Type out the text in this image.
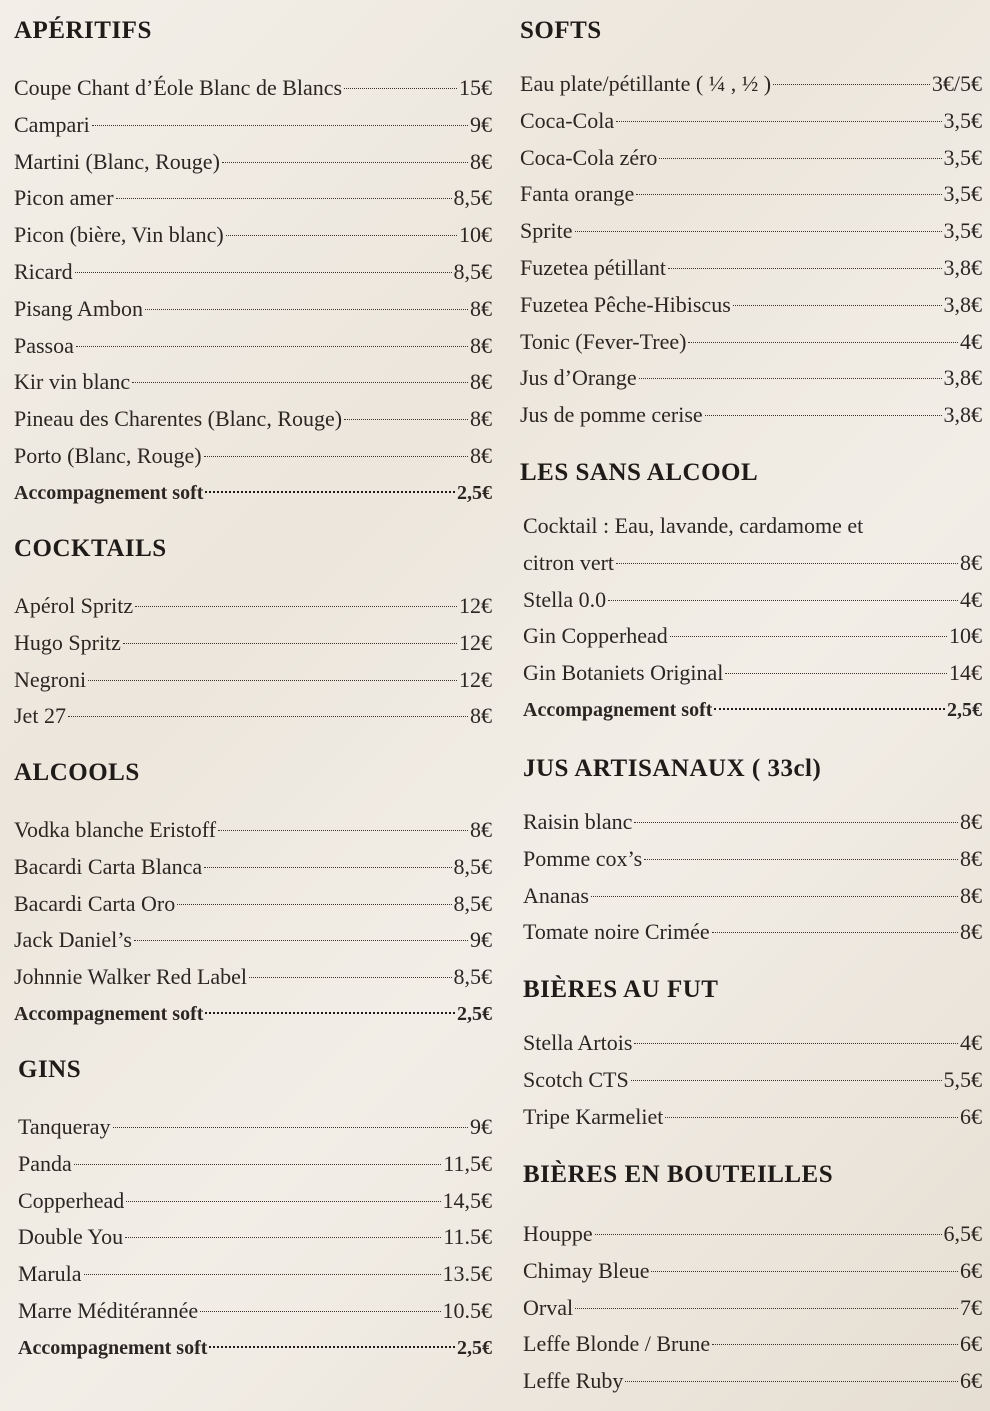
APÉRITIFS
Coupe Chant d’Éole Blanc de Blancs	15€
Campari	9€
Martini (Blanc, Rouge)	8€
Picon amer	8,5€
Picon (bière, Vin blanc)	10€
Ricard	8,5€
Pisang Ambon	8€
Passoa	8€
Kir vin blanc	8€
Pineau des Charentes (Blanc, Rouge)	8€
Porto (Blanc, Rouge)	8€
Accompagnement soft	2,5€
COCKTAILS
Apérol Spritz	12€
Hugo Spritz	12€
Negroni	12€
Jet 27	8€
ALCOOLS
Vodka blanche Eristoff	8€
Bacardi Carta Blanca	8,5€
Bacardi Carta Oro	8,5€
Jack Daniel’s	9€
Johnnie Walker Red Label	8,5€
Accompagnement soft	2,5€
GINS
Tanqueray	9€
Panda	11,5€
Copperhead	14,5€
Double You	11.5€
Marula	13.5€
Marre Méditérannée	10.5€
Accompagnement soft	2,5€
SOFTS
Eau plate/pétillante ( ¼ , ½ )	3€/5€
Coca-Cola	3,5€
Coca-Cola zéro	3,5€
Fanta orange	3,5€
Sprite	3,5€
Fuzetea pétillant	3,8€
Fuzetea Pêche-Hibiscus	3,8€
Tonic (Fever-Tree)	4€
Jus d’Orange	3,8€
Jus de pomme cerise	3,8€
LES SANS ALCOOL
Cocktail : Eau, lavande, cardamome et
citron vert	8€
Stella 0.0	4€
Gin Copperhead	10€
Gin Botaniets Original	14€
Accompagnement soft	2,5€
JUS ARTISANAUX ( 33cl)
Raisin blanc	8€
Pomme cox’s	8€
Ananas	8€
Tomate noire Crimée	8€
BIÈRES AU FUT
Stella Artois	4€
Scotch CTS	5,5€
Tripe Karmeliet	6€
BIÈRES EN BOUTEILLES
Houppe	6,5€
Chimay Bleue	6€
Orval	7€
Leffe Blonde / Brune	6€
Leffe Ruby	6€
